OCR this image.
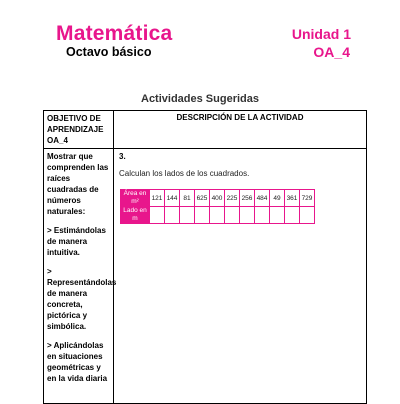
Matemática
Octavo básico
Unidad 1
OA_4
Actividades Sugeridas
OBJETIVO DE APRENDIZAJE OA_4	DESCRIPCIÓN DE LA ACTIVIDAD

Mostrar que comprenden las raíces cuadradas de números naturales:

> Estimándolas de manera intuitiva.

> Representándolas de manera concreta, pictórica y simbólica.

> Aplicándolas en situaciones geométricas y en la vida diaria

3.
Calculan los lados de los cuadrados.
Área en m²	121	144	81	625	400	225	256	484	49	361	729
Lado en m											
